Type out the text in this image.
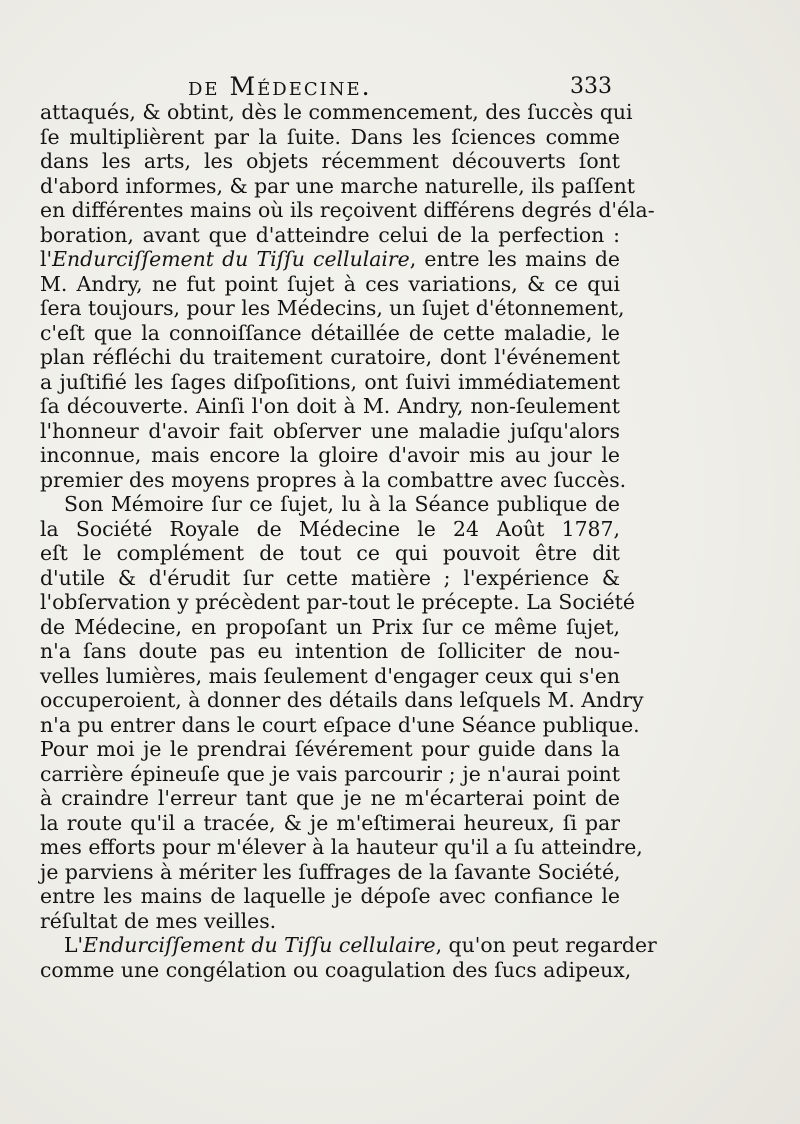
de Médecine.	333
attaqués, & obtint, dès le commencement, des ſuccès qui
ſe multiplièrent par la ſuite. Dans les ſciences comme
dans les arts, les objets récemment découverts ſont
d'abord informes, & par une marche naturelle, ils paſſent
en différentes mains où ils reçoivent différens degrés d'éla-
boration, avant que d'atteindre celui de la perfection :
l'Endurciſſement du Tiſſu cellulaire, entre les mains de
M. Andry, ne fut point ſujet à ces variations, & ce qui
ſera toujours, pour les Médecins, un ſujet d'étonnement,
c'eſt que la connoiſſance détaillée de cette maladie, le
plan réfléchi du traitement curatoire, dont l'événement
a juſtifié les ſages diſpoſitions, ont ſuivi immédiatement
ſa découverte. Ainſi l'on doit à M. Andry, non-ſeulement
l'honneur d'avoir fait obſerver une maladie juſqu'alors
inconnue, mais encore la gloire d'avoir mis au jour le
premier des moyens propres à la combattre avec ſuccès.
Son Mémoire ſur ce ſujet, lu à la Séance publique de
la Société Royale de Médecine le 24 Août 1787,
eſt le complément de tout ce qui pouvoit être dit
d'utile & d'érudit ſur cette matière ; l'expérience &
l'obſervation y précèdent par-tout le précepte. La Société
de Médecine, en propoſant un Prix ſur ce même ſujet,
n'a ſans doute pas eu intention de ſolliciter de nou-
velles lumières, mais ſeulement d'engager ceux qui s'en
occuperoient, à donner des détails dans leſquels M. Andry
n'a pu entrer dans le court eſpace d'une Séance publique.
Pour moi je le prendrai ſévérement pour guide dans la
carrière épineuſe que je vais parcourir ; je n'aurai point
à craindre l'erreur tant que je ne m'écarterai point de
la route qu'il a tracée, & je m'eſtimerai heureux, ſi par
mes efforts pour m'élever à la hauteur qu'il a ſu atteindre,
je parviens à mériter les ſuffrages de la ſavante Société,
entre les mains de laquelle je dépoſe avec confiance le
réſultat de mes veilles.
L'Endurciſſement du Tiſſu cellulaire, qu'on peut regarder
comme une congélation ou coagulation des ſucs adipeux,
